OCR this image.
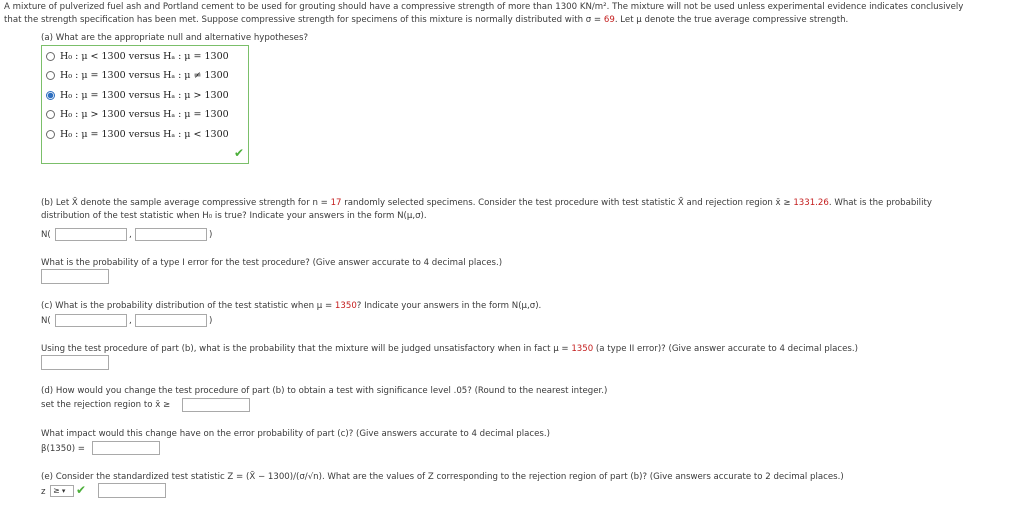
A mixture of pulverized fuel ash and Portland cement to be used for grouting should have a compressive strength of more than 1300 KN/m². The mixture will not be used unless experimental evidence indicates conclusively
that the strength specification has been met. Suppose compressive strength for specimens of this mixture is normally distributed with σ = 69. Let μ denote the true average compressive strength.
(a) What are the appropriate null and alternative hypotheses?
H₀ : μ < 1300 versus Hₐ : μ = 1300
H₀ : μ = 1300 versus Hₐ : μ ≠ 1300
H₀ : μ = 1300 versus Hₐ : μ > 1300
H₀ : μ > 1300 versus Hₐ : μ = 1300
H₀ : μ = 1300 versus Hₐ : μ < 1300
✔
(b) Let X̄ denote the sample average compressive strength for n = 17 randomly selected specimens. Consider the test procedure with test statistic X̄ and rejection region x̄ ≥ 1331.26. What is the probability
distribution of the test statistic when H₀ is true? Indicate your answers in the form N(μ,σ).
N(	,	)
What is the probability of a type I error for the test procedure? (Give answer accurate to 4 decimal places.)
(c) What is the probability distribution of the test statistic when μ = 1350? Indicate your answers in the form N(μ,σ).
N(	,	)
Using the test procedure of part (b), what is the probability that the mixture will be judged unsatisfactory when in fact μ = 1350 (a type II error)? (Give answer accurate to 4 decimal places.)
(d) How would you change the test procedure of part (b) to obtain a test with significance level .05? (Round to the nearest integer.)
set the rejection region to x̄ ≥
What impact would this change have on the error probability of part (c)? (Give answers accurate to 4 decimal places.)
β(1350) =
(e) Consider the standardized test statistic Z = (X̄ − 1300)/(σ/√n). What are the values of Z corresponding to the rejection region of part (b)? (Give answers accurate to 2 decimal places.)
z ≥ ▾ ✔
